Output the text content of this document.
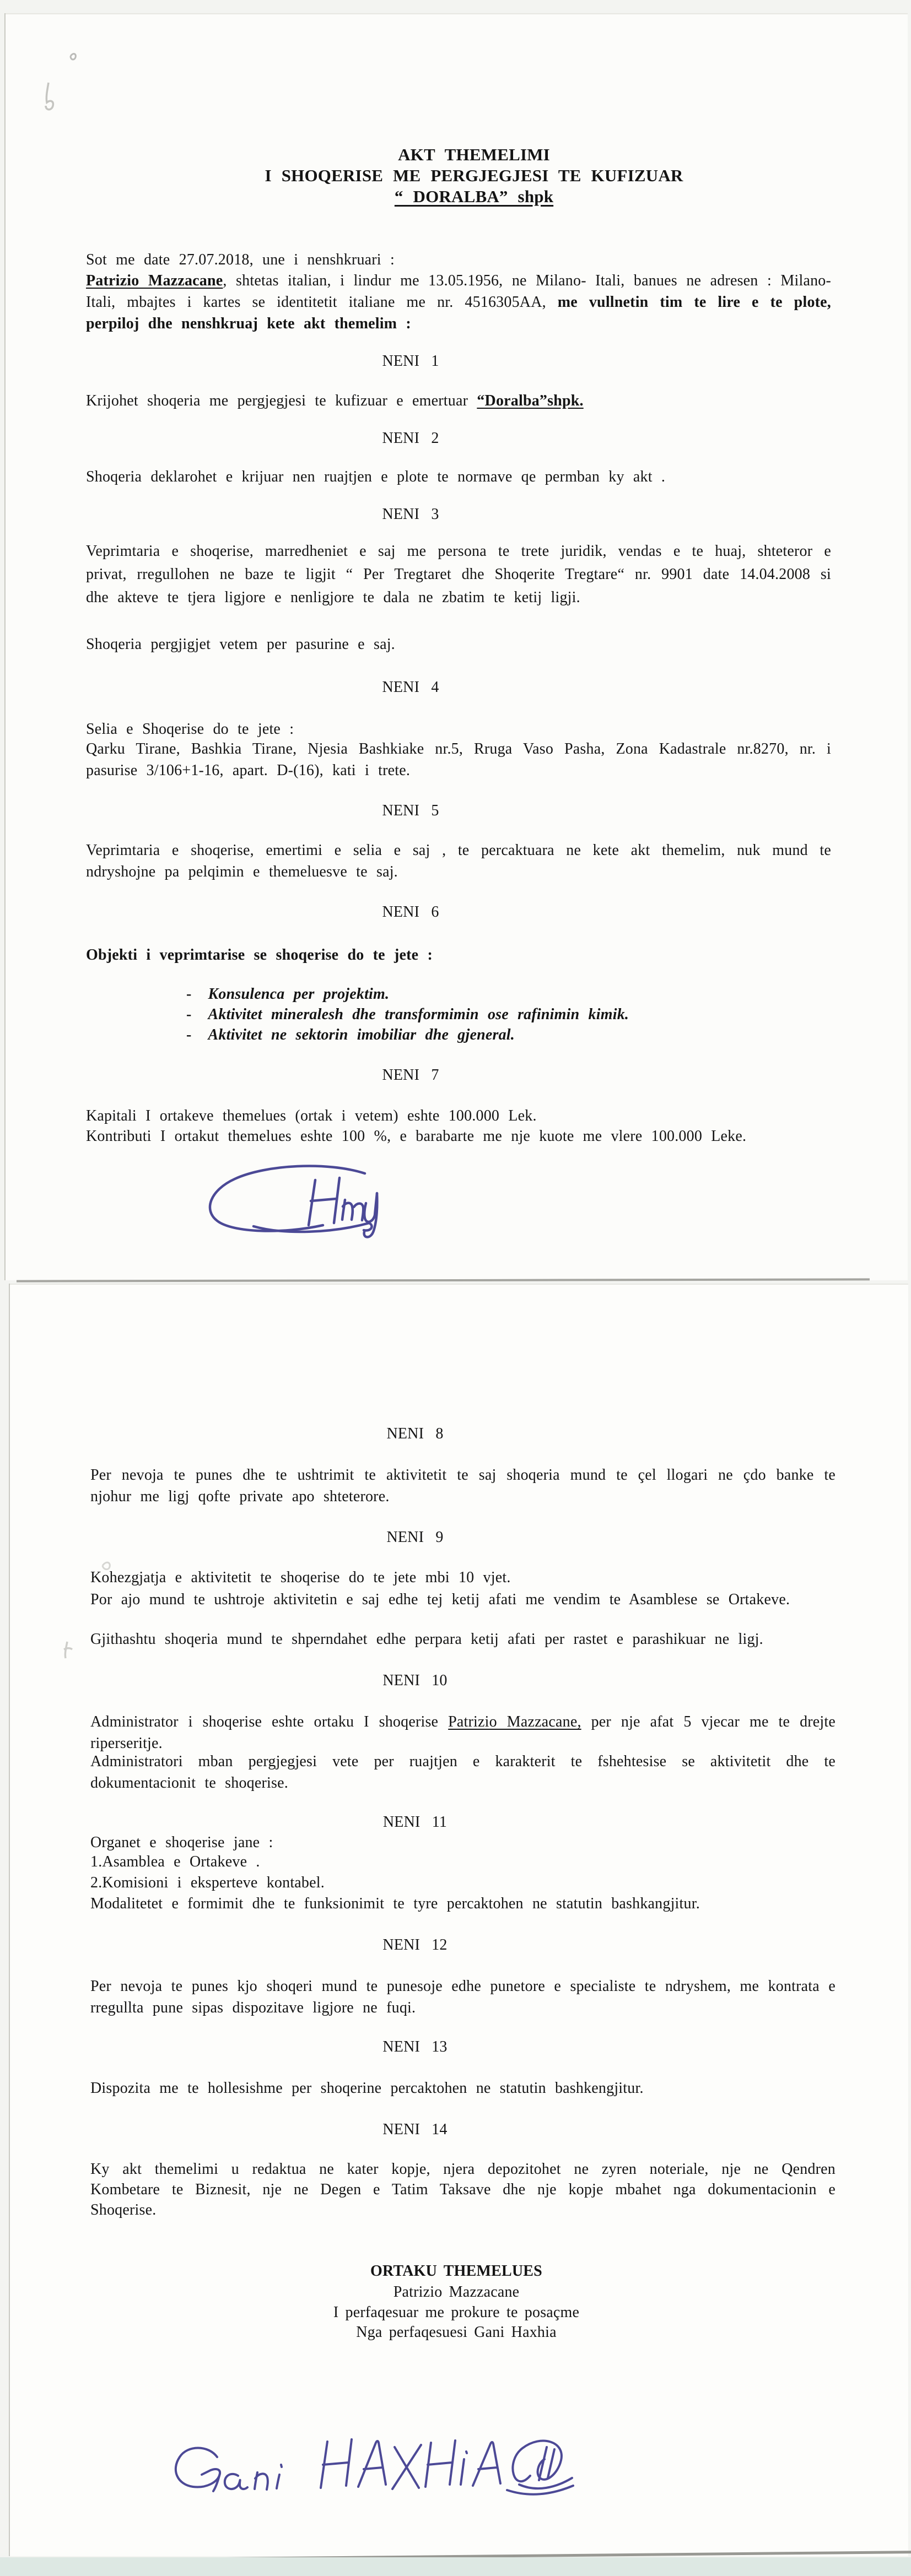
AKT THEMELIMI
I SHOQERISE ME PERGJEGJESI TE KUFIZUAR
“ DORALBA” shpk
Sot me date 27.07.2018, une i nenshkruari :
Patrizio Mazzacane, shtetas italian, i lindur me 13.05.1956, ne Milano- Itali, banues ne adresen : Milano- Itali, mbajtes i kartes se identitetit italiane me nr. 4516305AA, me vullnetin tim te lire e te plote, perpiloj dhe nenshkruaj kete akt themelim :
NENI 1
Krijohet shoqeria me pergjegjesi te kufizuar e emertuar “Doralba”shpk.
NENI 2
Shoqeria deklarohet e krijuar nen ruajtjen e plote te normave qe permban ky akt .
NENI 3
Veprimtaria e shoqerise, marredheniet e saj me persona te trete juridik, vendas e te huaj, shteteror e privat, rregullohen ne baze te ligjit “ Per Tregtaret dhe Shoqerite Tregtare“ nr. 9901 date 14.04.2008 si dhe akteve te tjera ligjore e nenligjore te dala ne zbatim te ketij ligji.
Shoqeria pergjigjet vetem per pasurine e saj.
NENI 4
Selia e Shoqerise do te jete :
Qarku Tirane, Bashkia Tirane, Njesia Bashkiake nr.5, Rruga Vaso Pasha, Zona Kadastrale nr.8270, nr. i pasurise 3/106+1-16, apart. D-(16), kati i trete.
NENI 5
Veprimtaria e shoqerise, emertimi e selia e saj , te percaktuara ne kete akt themelim, nuk mund te ndryshojne pa pelqimin e themeluesve te saj.
NENI 6
Objekti i veprimtarise se shoqerise do te jete :
- Konsulenca per projektim.
- Aktivitet mineralesh dhe transformimin ose rafinimin kimik.
- Aktivitet ne sektorin imobiliar dhe gjeneral.
NENI 7
Kapitali I ortakeve themelues (ortak i vetem) eshte 100.000 Lek.
Kontributi I ortakut themelues eshte 100 %, e barabarte me nje kuote me vlere 100.000 Leke.
NENI 8
Per nevoja te punes dhe te ushtrimit te aktivitetit te saj shoqeria mund te çel llogari ne çdo banke te njohur me ligj qofte private apo shteterore.
NENI 9
Kohezgjatja e aktivitetit te shoqerise do te jete mbi 10 vjet.
Por ajo mund te ushtroje aktivitetin e saj edhe tej ketij afati me vendim te Asamblese se Ortakeve.
Gjithashtu shoqeria mund te shperndahet edhe perpara ketij afati per rastet e parashikuar ne ligj.
NENI 10
Administrator i shoqerise eshte ortaku I shoqerise Patrizio Mazzacane, per nje afat 5 vjecar me te drejte riperseritje.
Administratori mban pergjegjesi vete per ruajtjen e karakterit te fshehtesise se aktivitetit dhe te dokumentacionit te shoqerise.
NENI 11
Organet e shoqerise jane :
1.Asamblea e Ortakeve .
2.Komisioni i eksperteve kontabel.
Modalitetet e formimit dhe te funksionimit te tyre percaktohen ne statutin bashkangjitur.
NENI 12
Per nevoja te punes kjo shoqeri mund te punesoje edhe punetore e specialiste te ndryshem, me kontrata e rregullta pune sipas dispozitave ligjore ne fuqi.
NENI 13
Dispozita me te hollesishme per shoqerine percaktohen ne statutin bashkengjitur.
NENI 14
Ky akt themelimi u redaktua ne kater kopje, njera depozitohet ne zyren noteriale, nje ne Qendren Kombetare te Biznesit, nje ne Degen e Tatim Taksave dhe nje kopje mbahet nga dokumentacionin e Shoqerise.
ORTAKU THEMELUES
Patrizio Mazzacane
I perfaqesuar me prokure te posaçme
Nga perfaqesuesi Gani Haxhia
